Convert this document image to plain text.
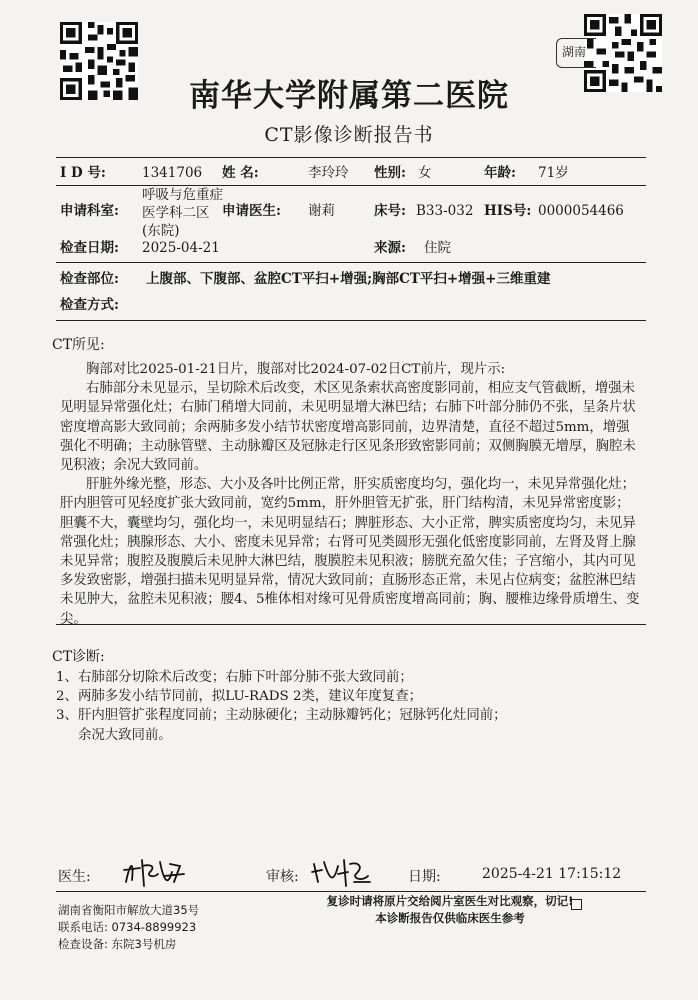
湖南
南华大学附属第二医院
CT影像诊断报告书
I D 号:	1341706 姓 名:	李玲玲 性别: 女	年龄: 71岁
申请科室:
呼吸与危重症医学科二区(东院)
申请医生: 谢莉	床号: B33-032 HIS号: 0000054466
检查日期: 2025-04-21	来源: 住院
检查部位: 上腹部、下腹部、盆腔CT平扫+增强;胸部CT平扫+增强+三维重建
检查方式:
CT所见:

胸部对比2025-01-21日片，腹部对比2024-07-02日CT前片，现片示:

右肺部分未见显示，呈切除术后改变，术区见条索状高密度影同前，相应支气管截断，增强未见明显异常强化灶；右肺门稍增大同前，未见明显增大淋巴结；右肺下叶部分肺仍不张，呈条片状密度增高影大致同前；余两肺多发小结节状密度增高影同前，边界清楚，直径不超过5mm，增强强化不明确；主动脉管壁、主动脉瓣区及冠脉走行区见条形致密影同前；双侧胸膜无增厚，胸腔未见积液；余况大致同前。

肝脏外缘光整，形态、大小及各叶比例正常，肝实质密度均匀，强化均一，未见异常强化灶；肝内胆管可见轻度扩张大致同前，宽约5mm，肝外胆管无扩张，肝门结构清，未见异常密度影；胆囊不大，囊壁均匀，强化均一，未见明显结石；脾脏形态、大小正常，脾实质密度均匀，未见异常强化灶；胰腺形态、大小、密度未见异常；右肾可见类圆形无强化低密度影同前，左肾及肾上腺未见异常；腹腔及腹膜后未见肿大淋巴结，腹膜腔未见积液；膀胱充盈欠佳；子宫缩小，其内可见多发致密影，增强扫描未见明显异常，情况大致同前；直肠形态正常，未见占位病变；盆腔淋巴结未见肿大，盆腔未见积液；腰4、5椎体相对缘可见骨质密度增高同前；胸、腰椎边缘骨质增生、变尖。

CT诊断:
1、 右肺部分切除术后改变；右肺下叶部分肺不张大致同前；
2、 两肺多发小结节同前，拟LU-RADS 2类，建议年度复查；
3、 肝内胆管扩张程度同前；主动脉硬化；主动脉瓣钙化；冠脉钙化灶同前；
余况大致同前。
医生:	审核:	日期:	2025-4-21 17:15:12
湖南省衡阳市解放大道35号
联系电话: 0734-8899923
检查设备: 东院3号机房
复诊时请将原片交给阅片室医生对比观察，切记!
本诊断报告仅供临床医生参考
